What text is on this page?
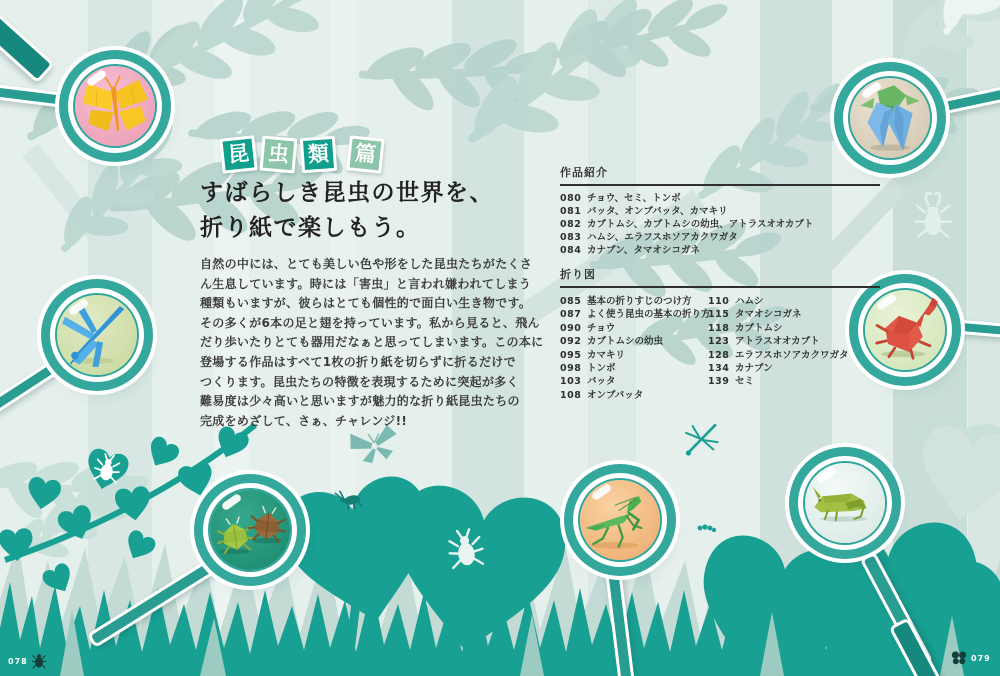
昆 虫 類	篇
すばらしき昆虫の世界を、
折り紙で楽しもう。
自然の中には、とても美しい色や形をした昆虫たちがたくさ
ん生息しています。時には「害虫」と言われ嫌われてしまう
種類もいますが、彼らはとても個性的で面白い生き物です。
その多くが6本の足と翅を持っています。私から見ると、飛ん
だり歩いたりとても器用だなぁと思ってしまいます。この本に
登場する作品はすべて1枚の折り紙を切らずに折るだけで
つくります。昆虫たちの特徴を表現するために突起が多く
難易度は少々高いと思いますが魅力的な折り紙昆虫たちの
完成をめざして、さぁ、チャレンジ!!
作品紹介
080 チョウ、セミ、トンボ
081 バッタ、オンブバッタ、カマキリ
082 カブトムシ、カブトムシの幼虫、アトラスオオカブト
083 ハムシ、エラフスホソアカクワガタ
084 カナブン、タマオシコガネ
折り図
085 基本の折りすじのつけ方
087 よく使う昆虫の基本の折り方
090 チョウ
092 カブトムシの幼虫
095 カマキリ
098 トンボ
103 バッタ
108 オンブバッタ
110 ハムシ
115 タマオシコガネ
118 カブトムシ
123 アトラスオオカブト
128 エラフスホソアカクワガタ
134 カナブン
139 セミ
078	079
